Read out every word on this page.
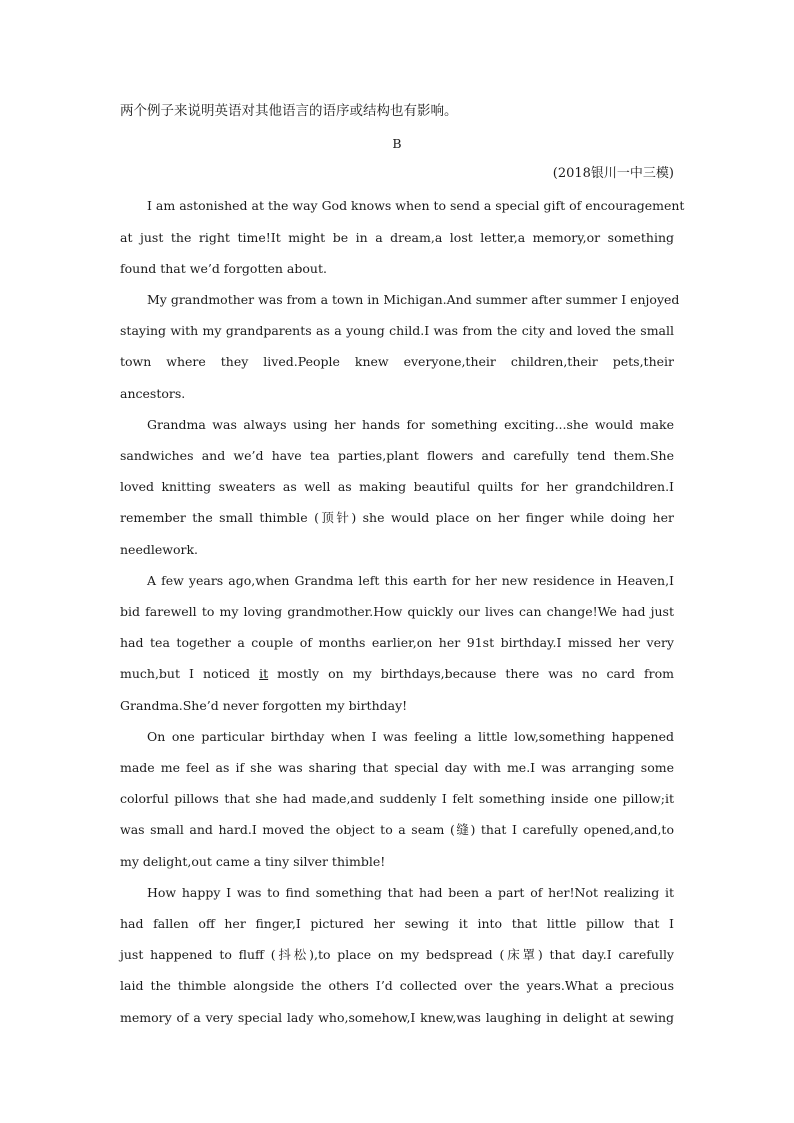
两个例子来说明英语对其他语言的语序或结构也有影响。
B
(2018银川一中三模)
I am astonished at the way God knows when to send a special gift of encouragement
at just the right time!It might be in a dream,a lost letter,a memory,or something
found that we’d forgotten about.
My grandmother was from a town in Michigan.And summer after summer I enjoyed
staying with my grandparents as a young child.I was from the city and loved the small
town where they lived.People knew everyone,their children,their pets,their
ancestors.
Grandma was always using her hands for something exciting...she would make
sandwiches and we’d have tea parties,plant flowers and carefully tend them.She
loved knitting sweaters as well as making beautiful quilts for her grandchildren.I
remember the small thimble (顶针) she would place on her finger while doing her
needlework.
A few years ago,when Grandma left this earth for her new residence in Heaven,I
bid farewell to my loving grandmother.How quickly our lives can change!We had just
had tea together a couple of months earlier,on her 91st birthday.I missed her very
much,but I noticed it mostly on my birthdays,because there was no card from
Grandma.She’d never forgotten my birthday!
On one particular birthday when I was feeling a little low,something happened
made me feel as if she was sharing that special day with me.I was arranging some
colorful pillows that she had made,and suddenly I felt something inside one pillow;it
was small and hard.I moved the object to a seam (缝) that I carefully opened,and,to
my delight,out came a tiny silver thimble!
How happy I was to find something that had been a part of her!Not realizing it
had fallen off her finger,I pictured her sewing it into that little pillow that I
just happened to fluff (抖松),to place on my bedspread (床罩) that day.I carefully
laid the thimble alongside the others I’d collected over the years.What a precious
memory of a very special lady who,somehow,I knew,was laughing in delight at sewing
